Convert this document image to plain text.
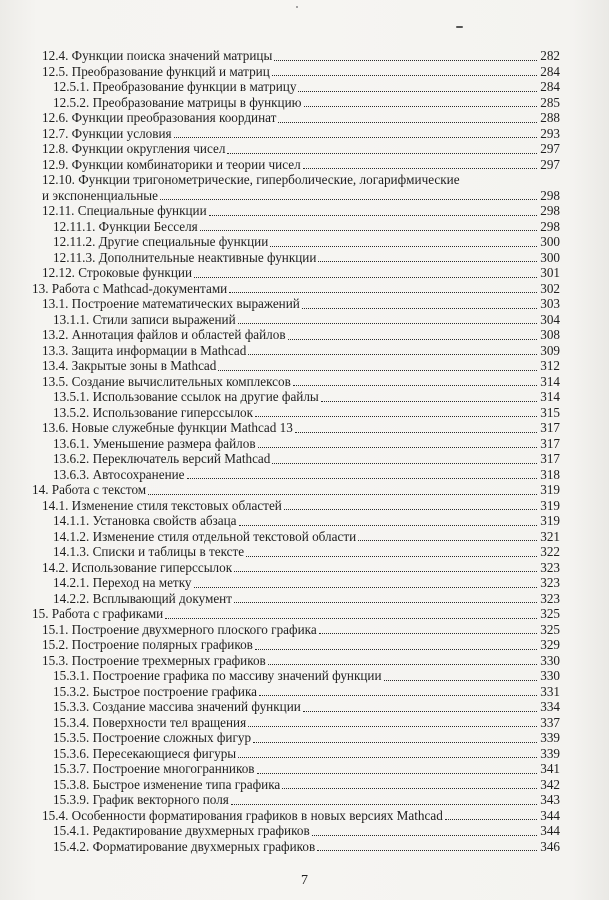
12.4. Функции поиска значений матрицы	282
12.5. Преобразование функций и матриц	284
12.5.1. Преобразование функции в матрицу	284
12.5.2. Преобразование матрицы в функцию	285
12.6. Функции преобразования координат	288
12.7. Функции условия	293
12.8. Функции округления чисел	297
12.9. Функции комбинаторики и теории чисел	297
12.10. Функции тригонометрические, гиперболические, логарифмические
и экспоненциальные	298
12.11. Специальные функции	298
12.11.1. Функции Бесселя	298
12.11.2. Другие специальные функции	300
12.11.3. Дополнительные неактивные функции	300
12.12. Строковые функции	301
13. Работа с Mathcad-документами	302
13.1. Построение математических выражений	303
13.1.1. Стили записи выражений	304
13.2. Аннотация файлов и областей файлов	308
13.3. Защита информации в Mathcad	309
13.4. Закрытые зоны в Mathcad	312
13.5. Создание вычислительных комплексов	314
13.5.1. Использование ссылок на другие файлы	314
13.5.2. Использование гиперссылок	315
13.6. Новые служебные функции Mathcad 13	317
13.6.1. Уменьшение размера файлов	317
13.6.2. Переключатель версий Mathcad	317
13.6.3. Автосохранение	318
14. Работа с текстом	319
14.1. Изменение стиля текстовых областей	319
14.1.1. Установка свойств абзаца	319
14.1.2. Изменение стиля отдельной текстовой области	321
14.1.3. Списки и таблицы в тексте	322
14.2. Использование гиперссылок	323
14.2.1. Переход на метку	323
14.2.2. Всплывающий документ	323
15. Работа с графиками	325
15.1. Построение двухмерного плоского графика	325
15.2. Построение полярных графиков	329
15.3. Построение трехмерных графиков	330
15.3.1. Построение графика по массиву значений функции	330
15.3.2. Быстрое построение графика	331
15.3.3. Создание массива значений функции	334
15.3.4. Поверхности тел вращения	337
15.3.5. Построение сложных фигур	339
15.3.6. Пересекающиеся фигуры	339
15.3.7. Построение многогранников	341
15.3.8. Быстрое изменение типа графика	342
15.3.9. График векторного поля	343
15.4. Особенности форматирования графиков в новых версиях Mathcad	344
15.4.1. Редактирование двухмерных графиков	344
15.4.2. Форматирование двухмерных графиков	346
7
